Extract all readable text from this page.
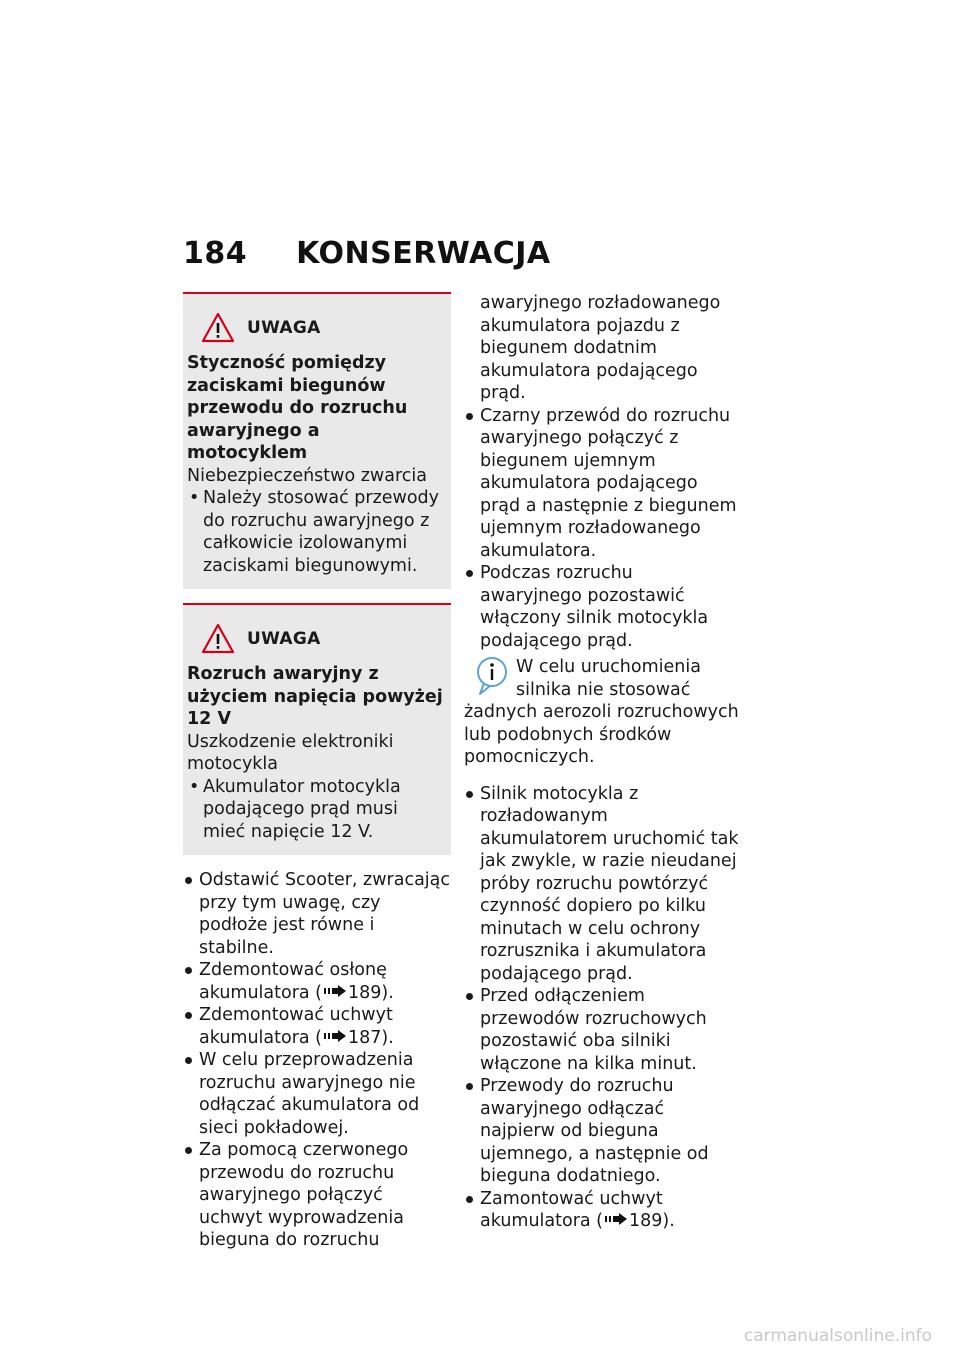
184 KONSERWACJA
UWAGA
Styczność pomiędzy zaciskami biegunów przewodu do rozruchu awaryjnego a motocyklem
Niebezpieczeństwo zwarcia
• Należy stosować przewody do rozruchu awaryjnego z całkowicie izolowanymi zaciskami biegunowymi.
UWAGA
Rozruch awaryjny z użyciem napięcia powyżej 12 V
Uszkodzenie elektroniki motocykla
• Akumulator motocykla podającego prąd musi mieć napięcie 12 V.
Odstawić Scooter, zwracając przy tym uwagę, czy podłoże jest równe i stabilne.
Zdemontować osłonę akumulatora ( 189).
Zdemontować uchwyt akumulatora ( 187).
W celu przeprowadzenia rozruchu awaryjnego nie odłączać akumulatora od sieci pokładowej.
Za pomocą czerwonego przewodu do rozruchu awaryjnego połączyć uchwyt wyprowadzenia bieguna do rozruchu
awaryjnego rozładowanego akumulatora pojazdu z biegunem dodatnim akumulatora podającego prąd.
Czarny przewód do rozruchu awaryjnego połączyć z biegunem ujemnym akumulatora podającego prąd a następnie z biegunem ujemnym rozładowanego akumulatora.
Podczas rozruchu awaryjnego pozostawić włączony silnik motocykla podającego prąd.
W celu uruchomienia silnika nie stosować żadnych aerozoli rozruchowych lub podobnych środków pomocniczych.
Silnik motocykla z rozładowanym akumulatorem uruchomić tak jak zwykle, w razie nieudanej próby rozruchu powtórzyć czynność dopiero po kilku minutach w celu ochrony rozrusznika i akumulatora podającego prąd.
Przed odłączeniem przewodów rozruchowych pozostawić oba silniki włączone na kilka minut.
Przewody do rozruchu awaryjnego odłączać najpierw od bieguna ujemnego, a następnie od bieguna dodatniego.
Zamontować uchwyt akumulatora ( 189).
carmanualsonline.info
